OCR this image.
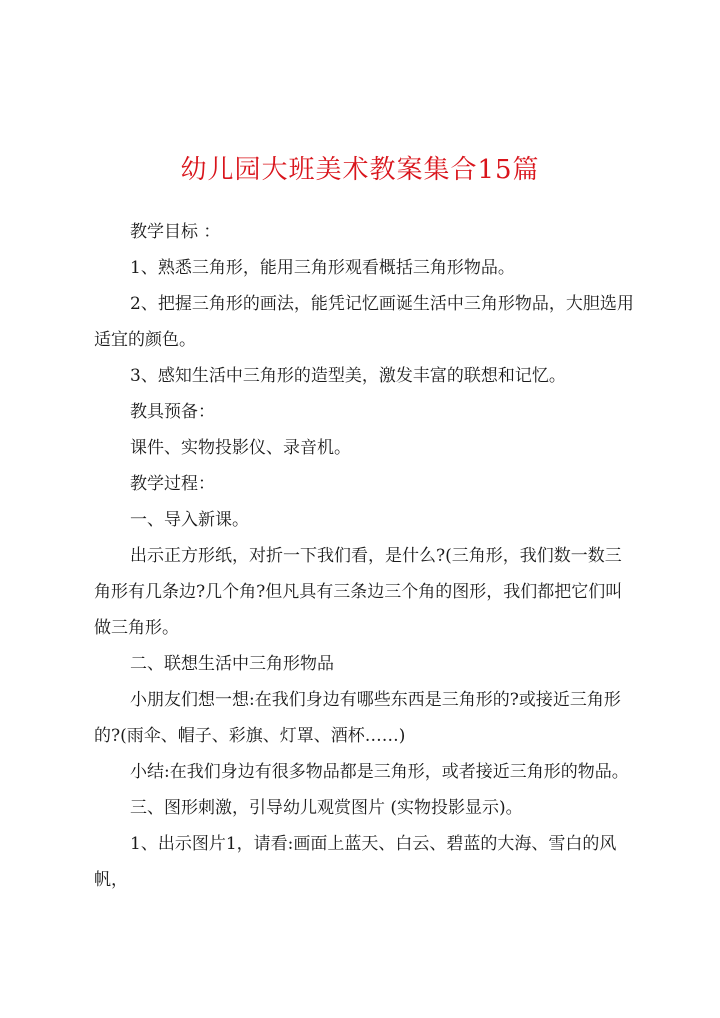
幼儿园大班美术教案集合15篇

教学目标 ：

1、熟悉三角形，能用三角形观看概括三角形物品。

2、把握三角形的画法，能凭记忆画诞生活中三角形物品，大胆选用适宜的颜色。

3、感知生活中三角形的造型美，激发丰富的联想和记忆。

教具预备：

课件、实物投影仪、录音机。

教学过程：

一、导入新课。

出示正方形纸，对折一下我们看，是什么?(三角形，我们数一数三角形有几条边?几个角?但凡具有三条边三个角的图形，我们都把它们叫做三角形。

二、联想生活中三角形物品

小朋友们想一想:在我们身边有哪些东西是三角形的?或接近三角形的?(雨伞、帽子、彩旗、灯罩、酒杯……)

小结:在我们身边有很多物品都是三角形，或者接近三角形的物品。

三、图形刺激，引导幼儿观赏图片 (实物投影显示)。

1、出示图片1，请看:画面上蓝天、白云、碧蓝的大海、雪白的风帆，
